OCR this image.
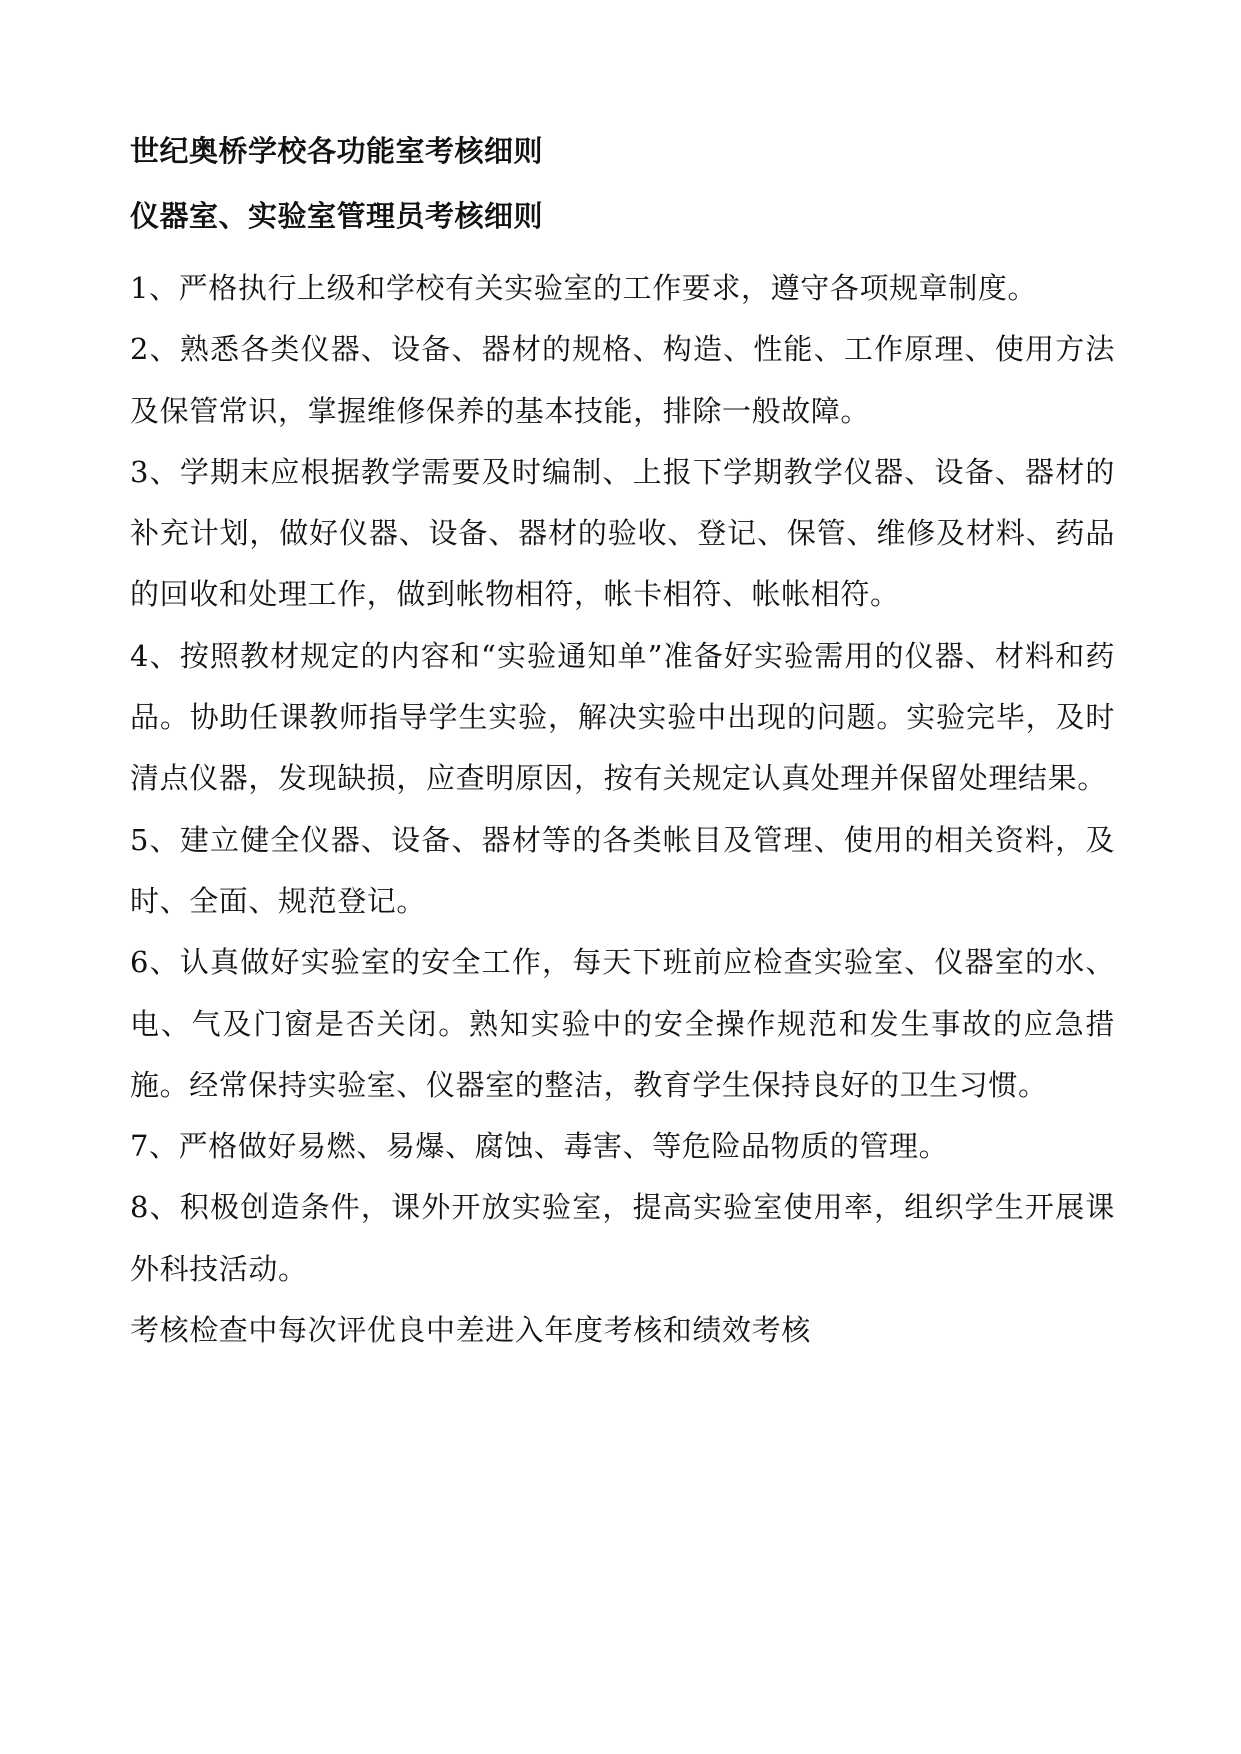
世纪奥桥学校各功能室考核细则
仪器室、实验室管理员考核细则

1、严格执行上级和学校有关实验室的工作要求，遵守各项规章制度。

2、熟悉各类仪器、设备、器材的规格、构造、性能、工作原理、使用方法及保管常识，掌握维修保养的基本技能，排除一般故障。

3、学期末应根据教学需要及时编制、上报下学期教学仪器、设备、器材的补充计划，做好仪器、设备、器材的验收、登记、保管、维修及材料、药品的回收和处理工作，做到帐物相符，帐卡相符、帐帐相符。

4、按照教材规定的内容和“实验通知单”准备好实验需用的仪器、材料和药品。协助任课教师指导学生实验，解决实验中出现的问题。实验完毕，及时清点仪器，发现缺损，应查明原因，按有关规定认真处理并保留处理结果。

5、建立健全仪器、设备、器材等的各类帐目及管理、使用的相关资料，及时、全面、规范登记。

6、认真做好实验室的安全工作，每天下班前应检查实验室、仪器室的水、电、气及门窗是否关闭。熟知实验中的安全操作规范和发生事故的应急措施。经常保持实验室、仪器室的整洁，教育学生保持良好的卫生习惯。

7、严格做好易燃、易爆、腐蚀、毒害、等危险品物质的管理。

8、积极创造条件，课外开放实验室，提高实验室使用率，组织学生开展课外科技活动。

考核检查中每次评优良中差进入年度考核和绩效考核
